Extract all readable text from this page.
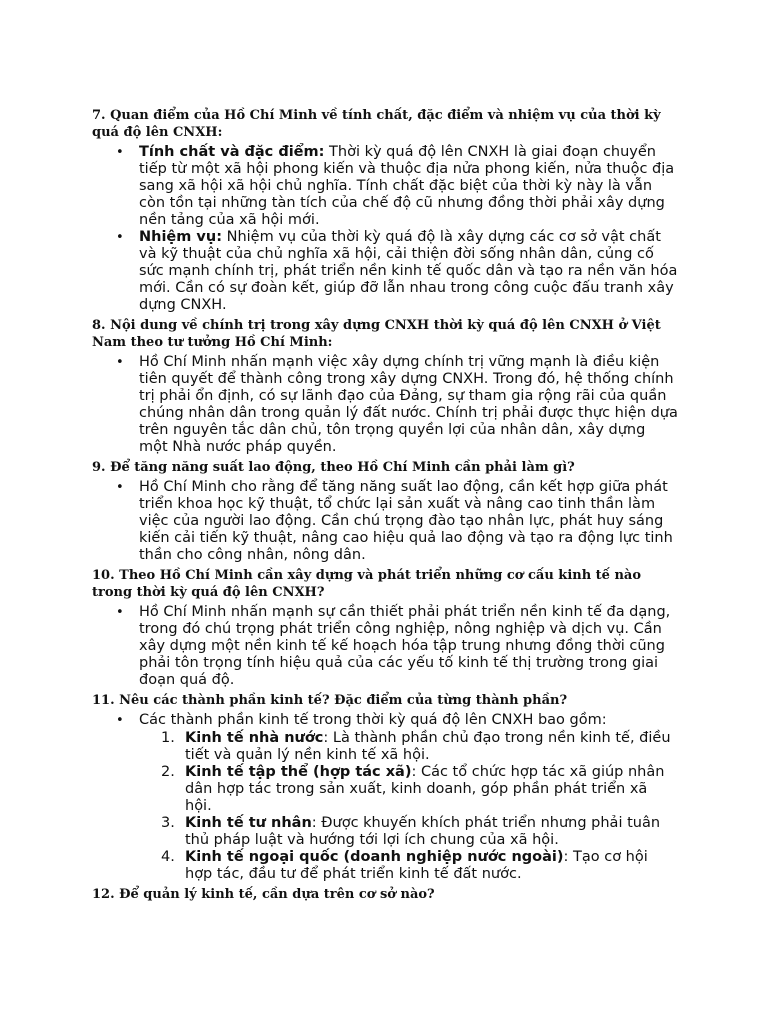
7. Quan điểm của Hồ Chí Minh về tính chất, đặc điểm và nhiệm vụ của thời kỳ quá độ lên CNXH:
• Tính chất và đặc điểm: Thời kỳ quá độ lên CNXH là giai đoạn chuyển tiếp từ một xã hội phong kiến và thuộc địa nửa phong kiến, nửa thuộc địa sang xã hội xã hội chủ nghĩa. Tính chất đặc biệt của thời kỳ này là vẫn còn tồn tại những tàn tích của chế độ cũ nhưng đồng thời phải xây dựng nền tảng của xã hội mới.
• Nhiệm vụ: Nhiệm vụ của thời kỳ quá độ là xây dựng các cơ sở vật chất và kỹ thuật của chủ nghĩa xã hội, cải thiện đời sống nhân dân, củng cố sức mạnh chính trị, phát triển nền kinh tế quốc dân và tạo ra nền văn hóa mới. Cần có sự đoàn kết, giúp đỡ lẫn nhau trong công cuộc đấu tranh xây dựng CNXH.
8. Nội dung về chính trị trong xây dựng CNXH thời kỳ quá độ lên CNXH ở Việt Nam theo tư tưởng Hồ Chí Minh:
• Hồ Chí Minh nhấn mạnh việc xây dựng chính trị vững mạnh là điều kiện tiên quyết để thành công trong xây dựng CNXH. Trong đó, hệ thống chính trị phải ổn định, có sự lãnh đạo của Đảng, sự tham gia rộng rãi của quần chúng nhân dân trong quản lý đất nước. Chính trị phải được thực hiện dựa trên nguyên tắc dân chủ, tôn trọng quyền lợi của nhân dân, xây dựng một Nhà nước pháp quyền.
9. Để tăng năng suất lao động, theo Hồ Chí Minh cần phải làm gì?
• Hồ Chí Minh cho rằng để tăng năng suất lao động, cần kết hợp giữa phát triển khoa học kỹ thuật, tổ chức lại sản xuất và nâng cao tinh thần làm việc của người lao động. Cần chú trọng đào tạo nhân lực, phát huy sáng kiến cải tiến kỹ thuật, nâng cao hiệu quả lao động và tạo ra động lực tinh thần cho công nhân, nông dân.
10. Theo Hồ Chí Minh cần xây dựng và phát triển những cơ cấu kinh tế nào trong thời kỳ quá độ lên CNXH?
• Hồ Chí Minh nhấn mạnh sự cần thiết phải phát triển nền kinh tế đa dạng, trong đó chú trọng phát triển công nghiệp, nông nghiệp và dịch vụ. Cần xây dựng một nền kinh tế kế hoạch hóa tập trung nhưng đồng thời cũng phải tôn trọng tính hiệu quả của các yếu tố kinh tế thị trường trong giai đoạn quá độ.
11. Nêu các thành phần kinh tế? Đặc điểm của từng thành phần?
• Các thành phần kinh tế trong thời kỳ quá độ lên CNXH bao gồm:
1. Kinh tế nhà nước: Là thành phần chủ đạo trong nền kinh tế, điều tiết và quản lý nền kinh tế xã hội.
2. Kinh tế tập thể (hợp tác xã): Các tổ chức hợp tác xã giúp nhân dân hợp tác trong sản xuất, kinh doanh, góp phần phát triển xã hội.
3. Kinh tế tư nhân: Được khuyến khích phát triển nhưng phải tuân thủ pháp luật và hướng tới lợi ích chung của xã hội.
4. Kinh tế ngoại quốc (doanh nghiệp nước ngoài): Tạo cơ hội hợp tác, đầu tư để phát triển kinh tế đất nước.
12. Để quản lý kinh tế, cần dựa trên cơ sở nào?
